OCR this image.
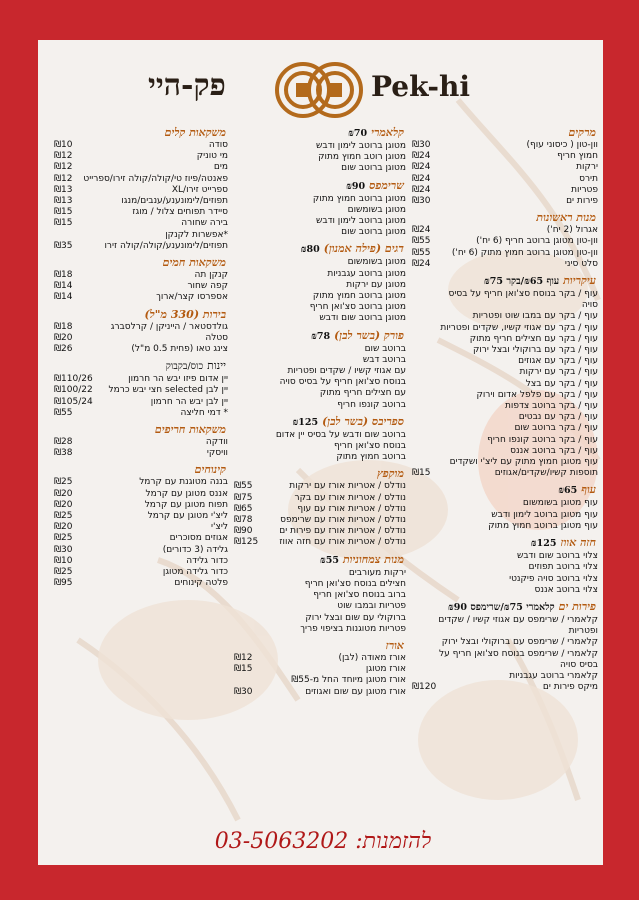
פק-היי	Pek-hi
מרקים
וון-טון ( כיסוני עוף)
₪30
חמוץ חריף
₪24
ירקות
₪24
תירס
₪24
פטריות
₪24
פירות ים
₪30
מנות ראשונות
אגרול (2 יח')
₪24
וון-טון מטוגן ברוטב חריף (6 יח')
₪55
וון-טון מטוגן ברוטב חמוץ מתוק (6 יח')
₪55
סלט סיני
₪24
עיקריותעוף ₪65/בקר ₪75
עוף / בקר בנוסח סצ'ואן חריף על בסיס סויה
עוף / בקר עם במבו שוט ופטריות
עוף / בקר עם אגוזי קשיו, שקדים ופטריות
עוף / בקר עם חצילים חריף מתוק
עוף / בקר עם ברוקולי ובצל ירוק
עוף / בקר עם אגוזים
עוף / בקר עם ירקות
עוף / בקר עם בצל
עוף / בקר עם פלפל אדום וירוק
עוף / בקר ברוטב צדפות
עוף / בקר עם נבטים
עוף / בקר ברוטב שום
עוף / בקר ברוטב קונפו חריף
עוף / בקר ברוטב אננס
עוף מטוגן חמוץ מתוק עם ליצ'י ושקדים
תוספות קשיו/שקדים/אגוזים
₪15
עוף₪65
עוף מטוגן בשומשום
עוף מטוגן ברוטב לימון ודבש
עוף מטוגן ברוטב חמוץ מתוק
חזה אווז₪125
צלוי ברוטב שום ודבש
צלוי ברוטב תפוזים
צלוי ברוטב סויה פיקנטי
צלוי ברוטב אננס
פירות יםקלאמרי ₪75/שרימפס ₪90
קלאמרי / שרימפס עם אגוזי קשיו / שקדים ופטריות
קלאמרי / שרימפס עם ברוקולי ובצל ירוק
קלאמרי / שרימפס בנוסח סצ'ואן חריף על בסיס סויה
קלאמרי ברוטב עגבניות
מיקס פירות ים
₪120
קלאמרי₪70
מטוגן ברוטב לימון ודבש
מטוגן רוטב חמוץ מתוק
מטוגן ברוטב שום
שרימפס₪90
מטוגן ברוטב חמוץ מתוק
מטוגן בשומשום
מטוגן ברוטב לימון ודבש
מטוגן ברוטב שום
דגים (פילה אמנון)₪80
מטוגן בשומשום
מטוגן ברוטב עגבניות
מטוגן עם ירקות
מטוגן ברוטב חמוץ מתוק
מטוגן ברוטב סצ'ואן חריף
מטוגן ברוטב שום ודבש
פורק (בשר לבן)₪78
ברוטב שום
ברוטב דבש
עם אגוזי קשיו / שקדים ופטריות
בנוסח סצ'ואן חריף על בסיס סויה
עם חצילים חריף מתוק
ברוטב קונפו חריף
ספריבס (בשר לבן)₪125
ברוטב שום ודבש על בסיס יין אדום
בנוסח סצ'ואן חריף
ברוטב חמוץ מתוק
מוקפץ
נודלס / אטריות אורז עם ירקות
₪55
נודלס / אטריות אורז עם בקר
₪75
נודלס / אטריות אורז עם עוף
₪65
נודלס / אטריות אורז עם שרימפס
₪78
נודלס / אטריות אורז עם פירות ים
₪90
נודלס / אטריות אורז עם חזה אווז
₪125
מנות צמחוניות₪55
ירקות מעורבים
חצילים בנוסח סצ'ואן חריף
ברוב בנוסח סצ'ואן חריף
פטריות ובמבו שוט
ברוקולי עם שום ובצל ירוק
פטריות מטוגנות בציפוי פריך
אורז
אורז מאודה (לבן)
₪12
אורז מטוגן
₪15
אורז מטוגן מיוחד החל מ-₪55
אורז מטוגן עם שום ואגוזים
₪30
משקאות קלים
סודה
₪10
מי טוניק
₪12
מים
₪12
פאנטה/פיוז טי/קולה/קולה זירו/ספרייט
₪12
ספרייט זירו/XL
₪13
תפוזים/לימונענע/ענבים/מנגו
₪13
סיידר תפוחים צלול / מוגז
₪15
בירה שחורה
₪15
*אפשרות לקנקן
תפוזים/לימונענע/קולה/קולה זירו
₪35
משקאות חמים
קנקן תה
₪18
קפה שחור
₪14
אספרסו קצר/ארוך
₪14
בירות (330 מ"ל)
גולדסטאר / הייניקן / קרלסברג
₪18
סטלה
₪20
צינג טאו (פחית 0.5 מ"ל)
₪26
יינותכוס/בקבוק
יין אדום פיזו יבש הר חרמון
₪110/26
יין לבן selected חצי יבש כרמל
₪100/22
יין לבן יבש הר חרמון
₪105/24
* דמי חליצה
₪55
משקאות חריפים
וודקה
₪28
וויסקי
₪38
קינוחים
בננה מטוגנת עם קרמל
₪25
אננס מטוגן עם קרמל
₪20
תפוח מטוגן עם קרמל
₪20
ליצ'י מטוגן עם קרמל
₪25
ליצ'י
₪20
אגוזים מסוכרים
₪25
גלידה (3 כדורים)
₪30
כדור גלידה
₪10
כדור גלידה מטוגן
₪25
פלטה קינוחים
₪95
להזמנות: 03-5063202
